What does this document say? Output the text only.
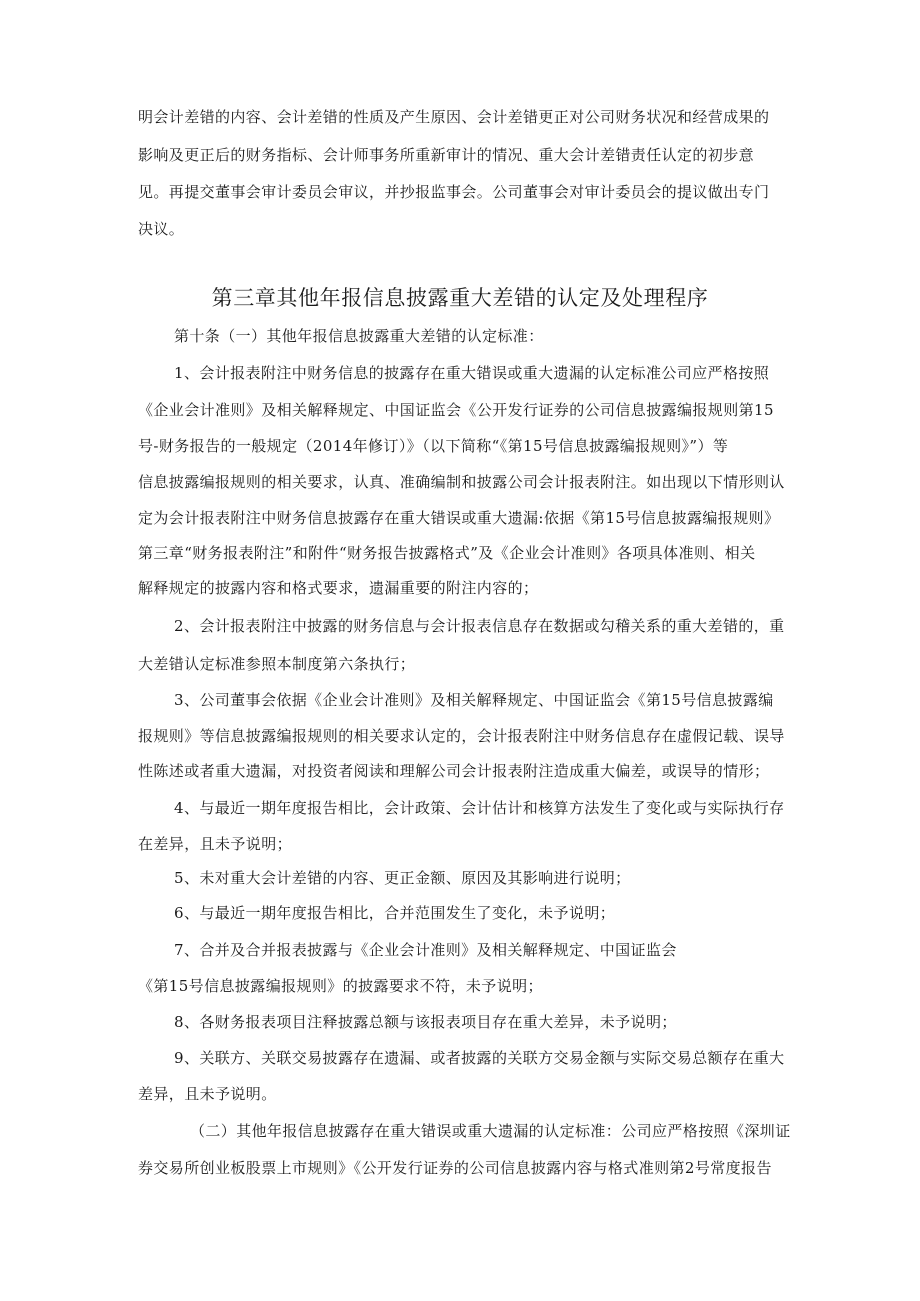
明会计差错的内容、会计差错的性质及产生原因、会计差错更正对公司财务状况和经营成果的
影响及更正后的财务指标、会计师事务所重新审计的情况、重大会计差错责任认定的初步意
见。再提交董事会审计委员会审议，并抄报监事会。公司董事会对审计委员会的提议做出专门
决议。
第三章其他年报信息披露重大差错的认定及处理程序
第十条（一）其他年报信息披露重大差错的认定标准：
1、会计报表附注中财务信息的披露存在重大错误或重大遗漏的认定标准公司应严格按照
《企业会计准则》及相关解释规定、中国证监会《公开发行证券的公司信息披露编报规则第15
号-财务报告的一般规定（2014年修订）》（以下简称“《第15号信息披露编报规则》”）等
信息披露编报规则的相关要求，认真、准确编制和披露公司会计报表附注。如出现以下情形则认
定为会计报表附注中财务信息披露存在重大错误或重大遗漏:依据《第15号信息披露编报规则》
第三章“财务报表附注”和附件“财务报告披露格式”及《企业会计准则》各项具体准则、相关
解释规定的披露内容和格式要求，遗漏重要的附注内容的；
2、会计报表附注中披露的财务信息与会计报表信息存在数据或勾稽关系的重大差错的，重
大差错认定标准参照本制度第六条执行；
3、公司董事会依据《企业会计准则》及相关解释规定、中国证监会《第15号信息披露编
报规则》等信息披露编报规则的相关要求认定的，会计报表附注中财务信息存在虚假记载、误导
性陈述或者重大遗漏，对投资者阅读和理解公司会计报表附注造成重大偏差，或误导的情形；
4、与最近一期年度报告相比，会计政策、会计估计和核算方法发生了变化或与实际执行存
在差异，且未予说明；
5、未对重大会计差错的内容、更正金额、原因及其影响进行说明；
6、与最近一期年度报告相比，合并范围发生了变化，未予说明；
7、合并及合并报表披露与《企业会计准则》及相关解释规定、中国证监会
《第15号信息披露编报规则》的披露要求不符，未予说明；
8、各财务报表项目注释披露总额与该报表项目存在重大差异，未予说明；
9、关联方、关联交易披露存在遗漏、或者披露的关联方交易金额与实际交易总额存在重大
差异，且未予说明。
（二）其他年报信息披露存在重大错误或重大遗漏的认定标准：公司应严格按照《深圳证
券交易所创业板股票上市规则》《公开发行证券的公司信息披露内容与格式准则第2号常度报告
